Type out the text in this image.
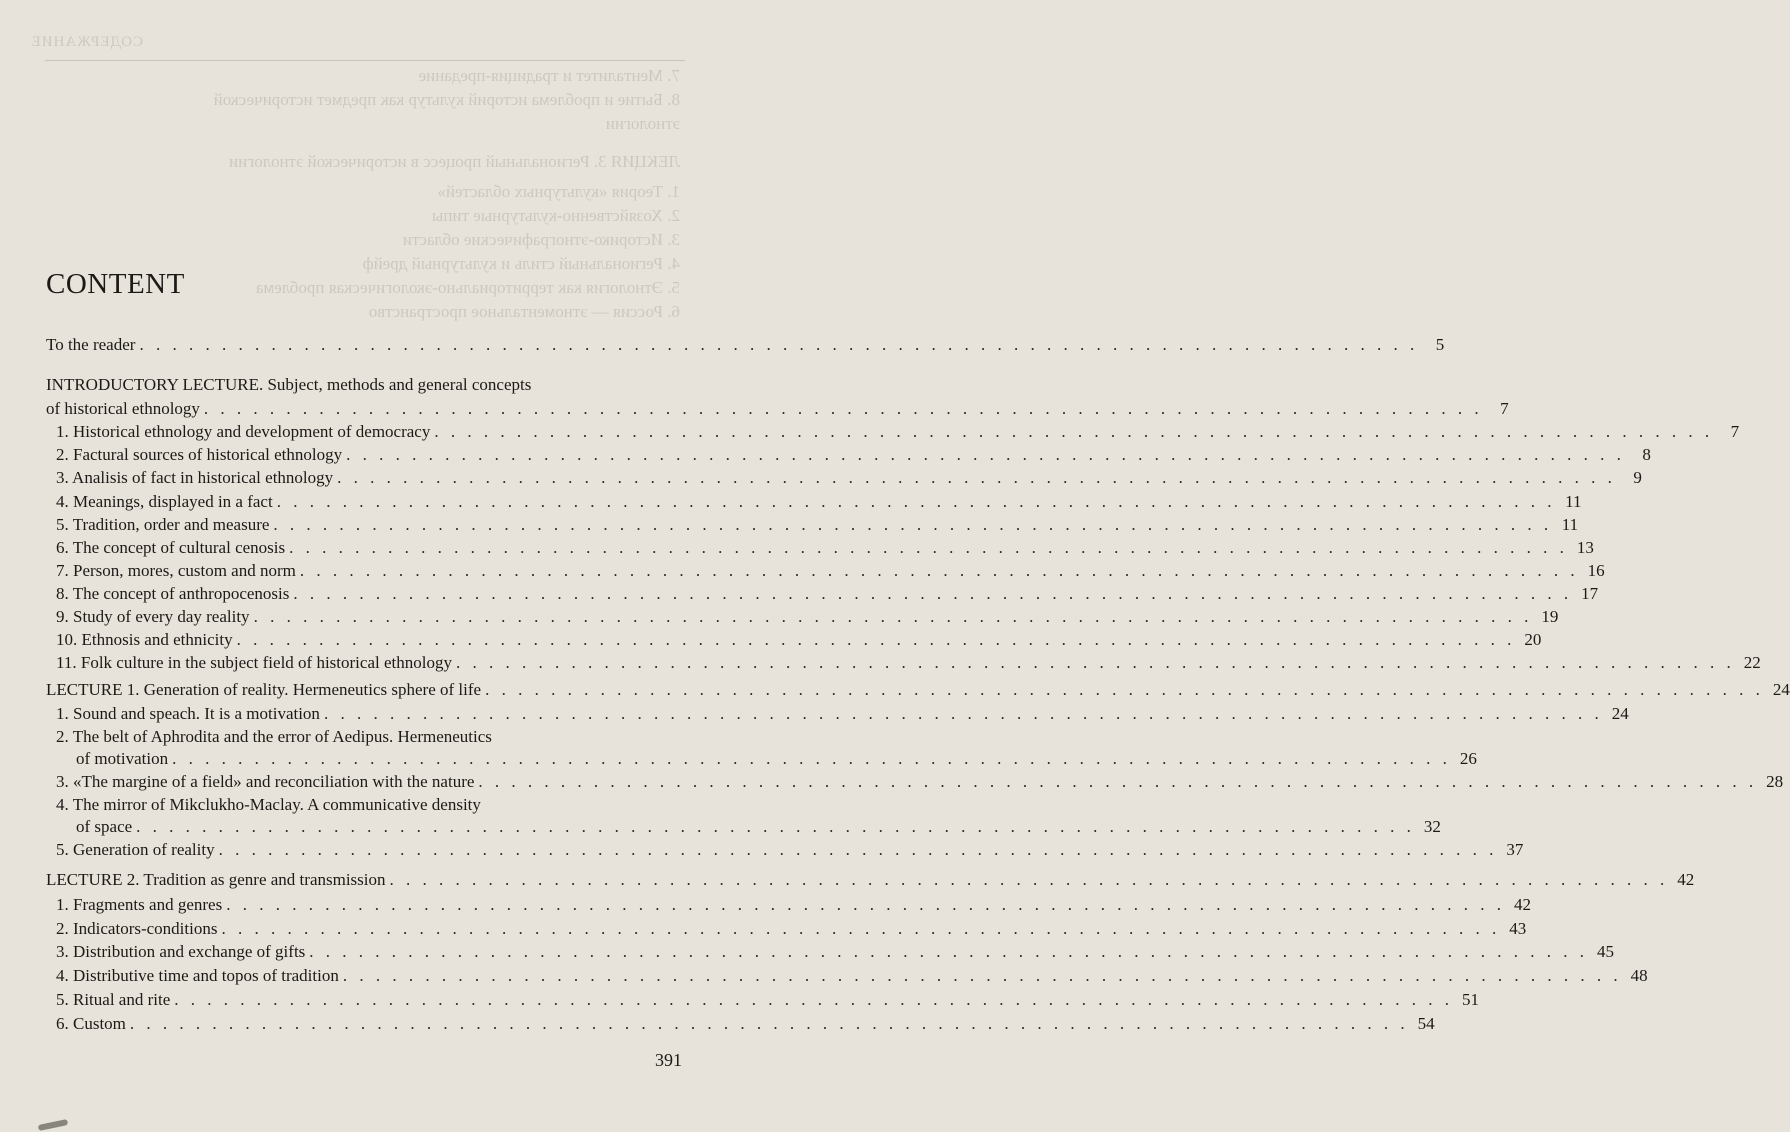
СОДЕРЖАНИЕ
7. Менталитет и традиция-предание
8. Бытие и проблема историй культур как предмет исторической
этнологии
ЛЕКЦИЯ 3. Региональный процесс в исторической этнологии
1. Теория «культурных областей»
2. Хозяйственно-культурные типы
3. Историко-этнографические области
4. Региональный стиль и культурный дрейф
5. Этнология как территориально-экологическая проблема
6. Россия — этноментальное пространство
CONTENT
To the reader . . . . . . . . . . . . . . . . . . . . . . . . . . . . . . . . . . . . . . . . . . . . . . . . . . . . . . . . . . . . . . . . . . . . . . . . . . . . . .	5
INTRODUCTORY LECTURE. Subject, methods and general concepts
of historical ethnology . . . . . . . . . . . . . . . . . . . . . . . . . . . . . . . . . . . . . . . . . . . . . . . . . . . . . . . . . . . . . . . . . . . . . . . . . . . . . .	7
1. Historical ethnology and development of democracy . . . . . . . . . . . . . . . . . . . . . . . . . . . . . . . . . . . . . . . . . . . . . . . . . . . . . . . . . . . . . . . . . . . . . . . . . . . . . .	7
2. Factural sources of historical ethnology . . . . . . . . . . . . . . . . . . . . . . . . . . . . . . . . . . . . . . . . . . . . . . . . . . . . . . . . . . . . . . . . . . . . . . . . . . . . . .	8
3. Analisis of fact in historical ethnology . . . . . . . . . . . . . . . . . . . . . . . . . . . . . . . . . . . . . . . . . . . . . . . . . . . . . . . . . . . . . . . . . . . . . . . . . . . . . .	9
4. Meanings, displayed in a fact . . . . . . . . . . . . . . . . . . . . . . . . . . . . . . . . . . . . . . . . . . . . . . . . . . . . . . . . . . . . . . . . . . . . . . . . . . . . . . 11
5. Tradition, order and measure . . . . . . . . . . . . . . . . . . . . . . . . . . . . . . . . . . . . . . . . . . . . . . . . . . . . . . . . . . . . . . . . . . . . . . . . . . . . . . 11
6. The concept of cultural cenosis . . . . . . . . . . . . . . . . . . . . . . . . . . . . . . . . . . . . . . . . . . . . . . . . . . . . . . . . . . . . . . . . . . . . . . . . . . . . . . 13
7. Person, mores, custom and norm . . . . . . . . . . . . . . . . . . . . . . . . . . . . . . . . . . . . . . . . . . . . . . . . . . . . . . . . . . . . . . . . . . . . . . . . . . . . . . 16
8. The concept of anthropocenosis . . . . . . . . . . . . . . . . . . . . . . . . . . . . . . . . . . . . . . . . . . . . . . . . . . . . . . . . . . . . . . . . . . . . . . . . . . . . . . 17
9. Study of every day reality . . . . . . . . . . . . . . . . . . . . . . . . . . . . . . . . . . . . . . . . . . . . . . . . . . . . . . . . . . . . . . . . . . . . . . . . . . . . . . 19
10. Ethnosis and ethnicity . . . . . . . . . . . . . . . . . . . . . . . . . . . . . . . . . . . . . . . . . . . . . . . . . . . . . . . . . . . . . . . . . . . . . . . . . . . . . . 20
11. Folk culture in the subject field of historical ethnology . . . . . . . . . . . . . . . . . . . . . . . . . . . . . . . . . . . . . . . . . . . . . . . . . . . . . . . . . . . . . . . . . . . . . . . . . . . . . . 22
LECTURE 1. Generation of reality. Hermeneutics sphere of life . . . . . . . . . . . . . . . . . . . . . . . . . . . . . . . . . . . . . . . . . . . . . . . . . . . . . . . . . . . . . . . . . . . . . . . . . . . . . . 24
1. Sound and speach. It is a motivation . . . . . . . . . . . . . . . . . . . . . . . . . . . . . . . . . . . . . . . . . . . . . . . . . . . . . . . . . . . . . . . . . . . . . . . . . . . . . . 24
2. The belt of Aphrodita and the error of Aedipus. Hermeneutics
of motivation . . . . . . . . . . . . . . . . . . . . . . . . . . . . . . . . . . . . . . . . . . . . . . . . . . . . . . . . . . . . . . . . . . . . . . . . . . . . . . 26
3. «The margine of a field» and reconciliation with the nature . . . . . . . . . . . . . . . . . . . . . . . . . . . . . . . . . . . . . . . . . . . . . . . . . . . . . . . . . . . . . . . . . . . . . . . . . . . . . . 28
4. The mirror of Mikclukho-Maclay. A communicative density
of space . . . . . . . . . . . . . . . . . . . . . . . . . . . . . . . . . . . . . . . . . . . . . . . . . . . . . . . . . . . . . . . . . . . . . . . . . . . . . . 32
5. Generation of reality . . . . . . . . . . . . . . . . . . . . . . . . . . . . . . . . . . . . . . . . . . . . . . . . . . . . . . . . . . . . . . . . . . . . . . . . . . . . . . 37
LECTURE 2. Tradition as genre and transmission . . . . . . . . . . . . . . . . . . . . . . . . . . . . . . . . . . . . . . . . . . . . . . . . . . . . . . . . . . . . . . . . . . . . . . . . . . . . . . 42
1. Fragments and genres . . . . . . . . . . . . . . . . . . . . . . . . . . . . . . . . . . . . . . . . . . . . . . . . . . . . . . . . . . . . . . . . . . . . . . . . . . . . . . 42
2. Indicators-conditions . . . . . . . . . . . . . . . . . . . . . . . . . . . . . . . . . . . . . . . . . . . . . . . . . . . . . . . . . . . . . . . . . . . . . . . . . . . . . . 43
3. Distribution and exchange of gifts . . . . . . . . . . . . . . . . . . . . . . . . . . . . . . . . . . . . . . . . . . . . . . . . . . . . . . . . . . . . . . . . . . . . . . . . . . . . . . 45
4. Distributive time and topos of tradition . . . . . . . . . . . . . . . . . . . . . . . . . . . . . . . . . . . . . . . . . . . . . . . . . . . . . . . . . . . . . . . . . . . . . . . . . . . . . . 48
5. Ritual and rite . . . . . . . . . . . . . . . . . . . . . . . . . . . . . . . . . . . . . . . . . . . . . . . . . . . . . . . . . . . . . . . . . . . . . . . . . . . . . . 51
6. Custom . . . . . . . . . . . . . . . . . . . . . . . . . . . . . . . . . . . . . . . . . . . . . . . . . . . . . . . . . . . . . . . . . . . . . . . . . . . . . . 54
391
